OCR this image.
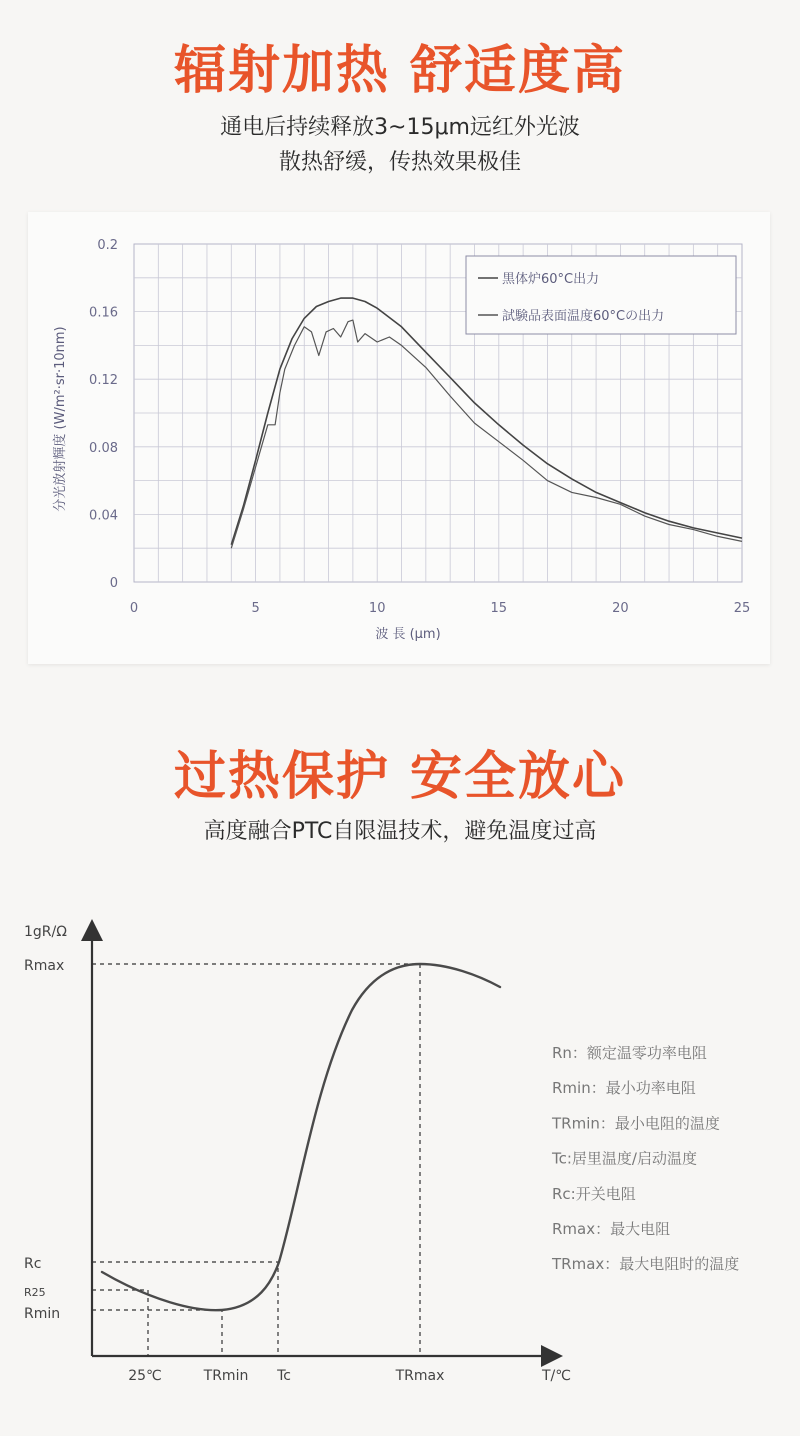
辐射加热 舒适度高

通电后持续释放3~15μm远红外光波

散热舒缓，传热效果极佳

0	5	10	15	20	25
0
0.04
0.08
0.12
0.16
0.2
波 長 (μm)
分光放射輝度 (W/m²·sr·10nm)
黒体炉60°C出力
試験品表面温度60°Cの出力
过热保护 安全放心

高度融合PTC自限温技术，避免温度过高

1gR/Ω
T/℃
Rmax
Rc
R25
Rmin
25℃	TRmin Tc	TRmax
Rn：额定温零功率电阻
Rmin：最小功率电阻
TRmin：最小电阻的温度
Tc:居里温度/启动温度
Rc:开关电阻
Rmax：最大电阻
TRmax：最大电阻时的温度
